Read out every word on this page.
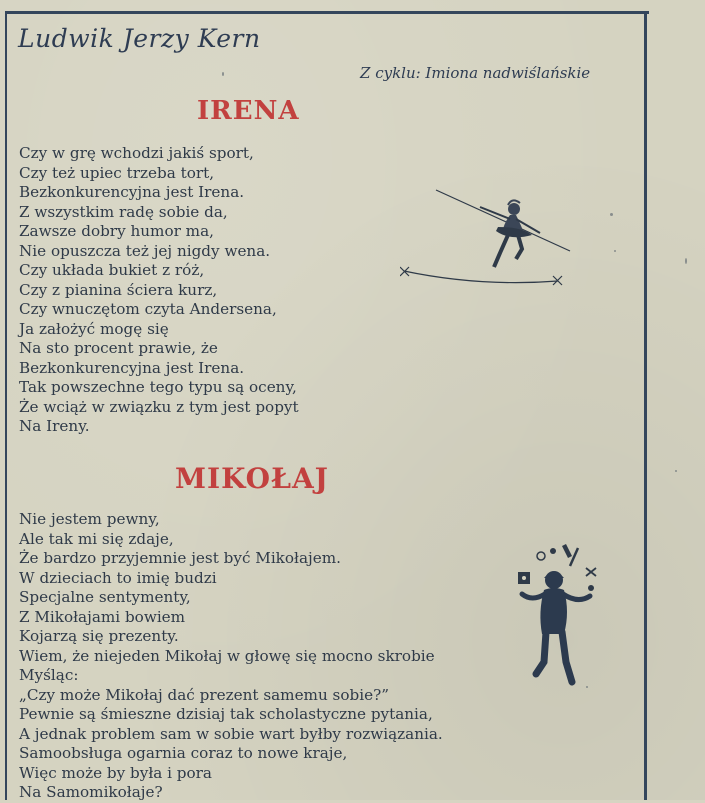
Ludwik Jerzy Kern
Z cyklu: Imiona nadwiślańskie
IRENA
Czy w grę wchodzi jakiś sport,
Czy też upiec trzeba tort,
Bezkonkurencyjna jest Irena.
Z wszystkim radę sobie da,
Zawsze dobry humor ma,
Nie opuszcza też jej nigdy wena.
Czy układa bukiet z róż,
Czy z pianina ściera kurz,
Czy wnuczętom czyta Andersena,
Ja założyć mogę się
Na sto procent prawie, że
Bezkonkurencyjna jest Irena.
Tak powszechne tego typu są oceny,
Że wciąż w związku z tym jest popyt
Na Ireny.
MIKOŁAJ
Nie jestem pewny,
Ale tak mi się zdaje,
Że bardzo przyjemnie jest być Mikołajem.
W dzieciach to imię budzi
Specjalne sentymenty,
Z Mikołajami bowiem
Kojarzą się prezenty.
Wiem, że niejeden Mikołaj w głowę się mocno skrobie
Myśląc:
„Czy może Mikołaj dać prezent samemu sobie?”
Pewnie są śmieszne dzisiaj tak scholastyczne pytania,
A jednak problem sam w sobie wart byłby rozwiązania.
Samoobsługa ogarnia coraz to nowe kraje,
Więc może by była i pora
Na Samomikołaje?
